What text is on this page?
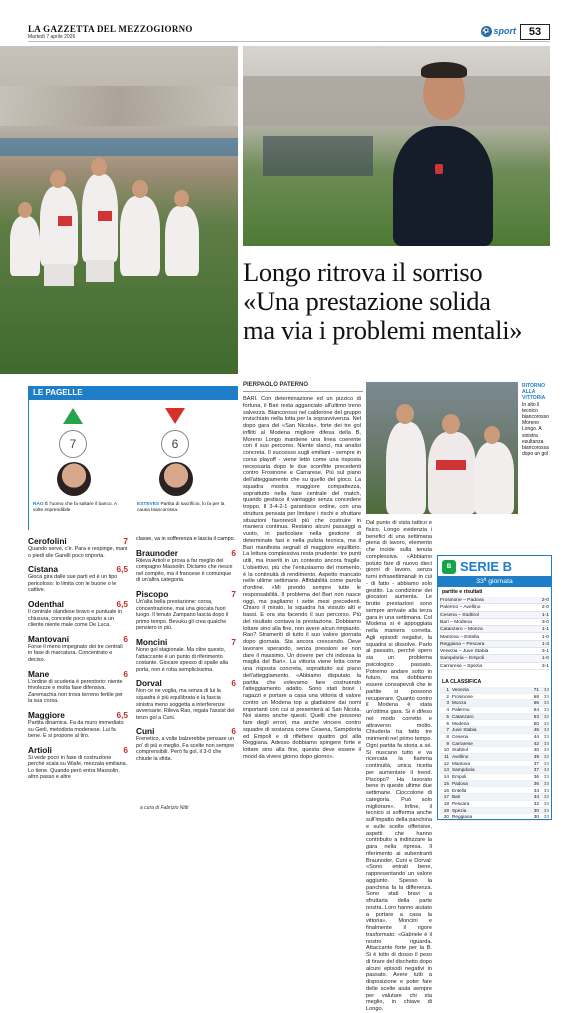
LA GAZZETTA DEL MEZZOGIORNO
Martedì 7 aprile 2026
⚽ sport	53
Longo ritrova il sorriso
«Una prestazione solida
ma via i problemi mentali»
LE PAGELLE
7
RAO È l'uomo che fa saltare il banco. A volte imprendibile
6
ESTEVES Partita di sacrificio, lo fa per la causa biancorossa.
Cerofolini	7
Quando serve, c'è. Para e respinge, mani o piedi sile Garelli poco importa.
Cistana	6,5
Gioca gira dalle sue parti ed è un tipo pericoloso: lo limita con le buone o le cattive.
Odenthal	6,5
Il centrale olandese bravo e puntuale in chiusura, concede poco spazio a un cliente niente male come De Luca.
Mantovani	6
Forse il meno impegnato dei tre centrali in fase di marcatura. Concentrato e deciso.
Mane	6
L'ordine di scuderia è perentorio: niente frivolezze e molta fase difensiva. Zaremachia non trova terreno fertile per la sua corsa.
Maggiore	6,5
Partita dinamica. Fa da muro immediato su Gerli, metodista modenese. Lui fa bene. E si propone al tiro.
Artioli	6
Si vede poco in fase di costruzione perché scala su Wiafe, mezzala emiliana. Lo tiene. Quando però entra Massolin, altro passo e altre
classe, va in sofferenza e lascia il campo.
Braunoder	6
Rileva Artioli e prova a far meglio del compagno Massolin. Diciamo che riesce nel compito, ma il francese è comunque di un'altra categoria.
Piscopo	7
Un'alta bella prestazione: corsa, concentrazione, mai una giocata fuori luogo. Il tenuto Zampano lascia dopo il primo tempo. Bevuku gli crea qualche pensiero in più.
Moncini	7
Nono gol stagionale. Ma oltre questo, l'attaccante è un punto di riferimento costante. Giocare spesso di spalle alla porta, non è roba semplicissima.
Dorval	6
Non ce ne voglia, ma senza di lui la squadra è più equilibrata e la fascia sinistra meno soggetta a interferenze avversarie. Rileva Rao, regala l'assist del terzo gol a Cuni.
Cuni	6
Frenetico, a volte balzerebbe pensare un po' di più e meglio. Fa scelte non sempre comprensibili. Però fa gol, il 3-0 che chiude la sfida.
a cura di Fabrizio Nitti
PIERPAOLO PATERNO
BARI. Con determinazione ed un pizzico di fortuna, il Bari resta agganciato all'ultimo treno salvezza. Biancorossi nel calderone del gruppo invischiato nella lotta per la sopravvivenza. Nel dopo gara del «San Nicola», forte dei tre gol inflitti al Modena migliore difesa della B, Moreno Longo mantiene una linea coerente con il suo percorso. Niente slanci, ma analisi concreta. Il successo sugli emiliani - sempre in corsa playoff - viene letto come una risposta necessaria dopo le due sconfitte precedenti contro Frosinone e Carrarese. Più sul piano dell'atteggiamento che su quello del gioco. La squadra mostra maggiore compattezza, soprattutto nella fase centrale del match, quando gestisce il vantaggio senza concedere troppo. Il 3-4-2-1 garantisce ordine, con una struttura pensata per limitare i rischi e sfruttare situazioni favorevoli più che costruire in maniera continua. Restano alcuni passaggi a vuoto, in particolare nella gestione di determinate fasi e nella pulizia tecnica, ma il Bari manifesta segnali di maggiore equilibrio. La lettura complessiva resta prudente: tre punti utili, ma inseriti in un contesto ancora fragile. L'obiettivo, più che l'entusiasmo del momento, è la continuità di rendimento. Aspetto mancato nelle ultime settimane. Affidabilità come parola d'ordine. «Mi prendo sempre tutte le responsabilità. Il problema del Bari non nasce oggi, ma pagliamo i sette mesi precedenti. Chiaro il mirato, la squadra ha vissuto alti e bassi. E ora sta facendo il suo percorso. Più del risultato contava la prestazione. Dobbiamo lottare sino alla fine, non avere alcun rimpianto. Rao? Strameriti di tutto il suo valore giornata dopo giornata. Sta ancora crescendo. Deve lavorare sperando, senza pressioni se non dare il massimo. Un dovere per chi indossa la maglia del Bari». La vittoria viene letta come una risposta concreta, soprattutto sul piano dell'atteggiamento. «Abbiamo disputato la partita che volevamo fare costruendo l'atteggiamento adatto. Sono stati bravi i ragazzi e portare a casa una vittoria di valore contro un Modena top a gladiatore dai nomi importanti con cui si presenterà al San Nicola. Noi siamo anche questi. Quelli che possono fare degli errori, ma anche vincere contro squadre di sostanza come Cesena, Sampdoria ed Empoli e di riflettere quattro gol alla Reggiana. Adesso dobbiamo spingere forte e lottare sino alla fine, questa deve essere il mood da vivere giorno dopo giorno».
RITORNO ALLA VITTORIA
In alto il tecnico biancorosso Moreno Longo. A sinistra esultanza biancorossa dopo un gol
Dal punto di vista tattico e fisico, Longo evidenzia i benefici di una settimana piena di lavoro, elemento che incide sulla tenuta complessiva. «Abbiamo potuto fare di nuovo dieci giorni di lavoro, senza turni infrasettimanali in cui - di fatto - abbiamo solo gestito. La condizione dei giocatori aumenta. Le brutte prestazioni sono sempre arrivate alla terza gara in una settimana. Col Modena si è appoggiata nella maniera corretta. Agli episodi negativi, la squadra si dissolve. Parlo al passato, perché spero sia un problema psicologico passato. Potremo andare sotto in futuro, ma dobbiamo essere consapevoli che le partite si possono recuperare. Quanto contro il Modena è stata un'ottima gara. Si è difeso nel modo corretto e attraverso molto. Chiuderla ha fatto tre mirimenti nel primo tempo. Ogni partita fa storia a sé. Si riuscano tutto e va ricercata la fiamma continuità, unica ricetta per aumentare il trend. Piscopo? Ha lavorato bene in queste ultime due settimane. Cioccolone di categoria. Può solo migliorare». Infine, il tecnico si sofferma anche sull'impatto della panchina e sulle scelte offensive, aspetti che hanno contribuito a indirizzare la gara nella ripresa. Il riferimento ai subentranti Braunoder, Cuni e Dorval: «Sono entrati bene, rappresentando un valore aggiunto. Spesso la panchina fa la differenza. Sono stati bravi a sfruttarla della parte nostra. Loro hanno aiutato a portare a casa la vittoria». Moncini e finalmente il rigore trasformato: «Gabriele è il nostro riguarda. Attaccante forte per la B. Si è tolto di dosso il peso di tirare del dischetto dopo alcuni episodi negativi in passato. Avere tutti a disposizione e poter fare delle scelte aiuta sempre per valutare chi sta meglio, in chiave di Longo.
B SERIE B
33ª giornata
partite e risultati
Frosinone – Padova	2-0
Palermo – Avellino	2-0
Cesena – Südtirol	1-1
Bari – Modena	3-0
Catanzaro – Monza	1-1
Mantova – Entella	1-0
Reggiana – Pescara	1-3
Venezia – Juve Stabia	3-1
Sampdoria – Empoli	1-0
Carrarese – Spezia	3-1
LA CLASSIFICA
1 Venezia	71	33
2 Frosinone	68	33
3 Monza	66	33
4 Palermo	64	33
5 Catanzaro	53	32
6 Modena	50	32
7 Juve Stabia	45	33
8 Cesena	44	33
9 Carrarese	42	33
10 Südtirol	40	33
11 Avellino	39	33
12 Mantova	37	33
13 Sampdoria	37	33
14 Empoli	36	33
15 Padova	36	33
16 Entella	34	33
17 Bari	34	33
18 Pescara	32	33
19 Spezia	30	33
20 Reggiana	30	33
